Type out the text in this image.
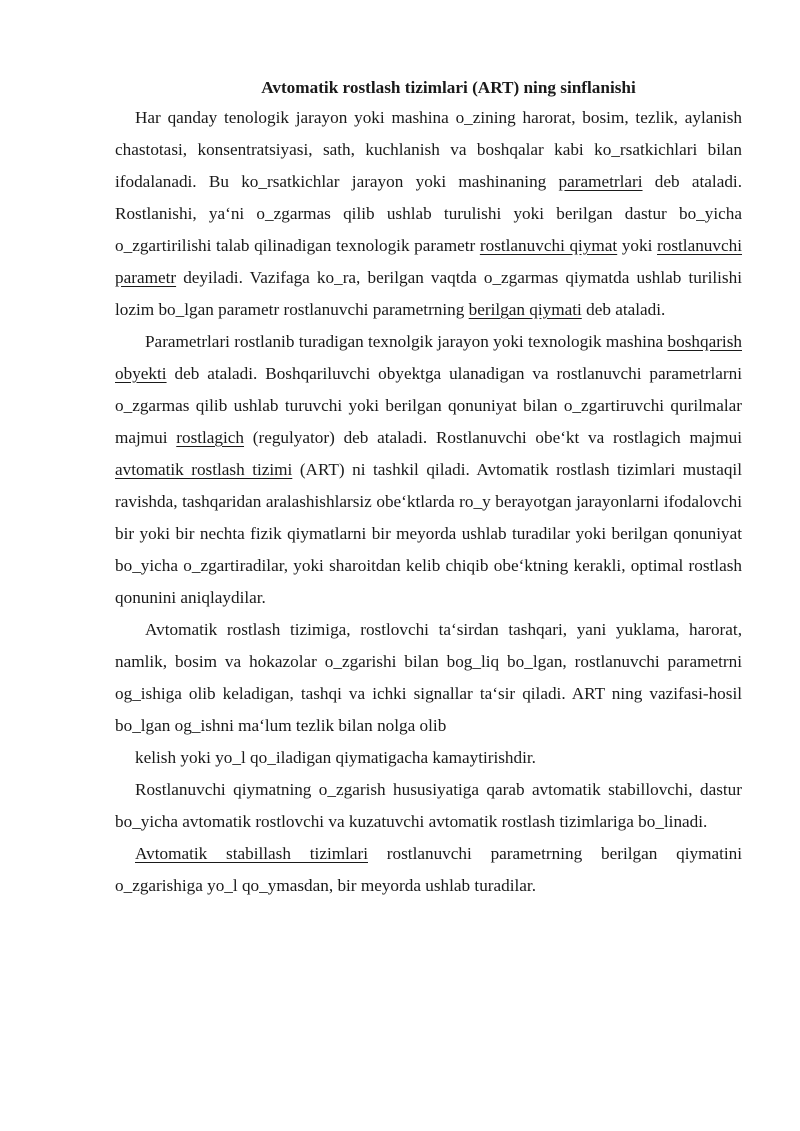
Avtomatik rostlash tizimlari (ART) ning sinflanishi

Har qanday tenologik jarayon yoki mashina o_zining harorat, bosim, tezlik, aylanish chastotasi, konsentratsiyasi, sath, kuchlanish va boshqalar kabi ko_rsatkichlari bilan ifodalanadi. Bu ko_rsatkichlar jarayon yoki mashinaning parametrlari deb ataladi. Rostlanishi, ya‘ni o_zgarmas qilib ushlab turulishi yoki berilgan dastur bo_yicha o_zgartirilishi talab qilinadigan texnologik parametr rostlanuvchi qiymat yoki rostlanuvchi parametr deyiladi. Vazifaga ko_ra, berilgan vaqtda o_zgarmas qiymatda ushlab turilishi lozim bo_lgan parametr rostlanuvchi parametrning berilgan qiymati deb ataladi.

Parametrlari rostlanib turadigan texnolgik jarayon yoki texnologik mashina boshqarish obyekti deb ataladi. Boshqariluvchi obyektga ulanadigan va rostlanuvchi parametrlarni o_zgarmas qilib ushlab turuvchi yoki berilgan qonuniyat bilan o_zgartiruvchi qurilmalar majmui rostlagich (regulyator) deb ataladi. Rostlanuvchi obe‘kt va rostlagich majmui avtomatik rostlash tizimi (ART) ni tashkil qiladi. Avtomatik rostlash tizimlari mustaqil ravishda, tashqaridan aralashishlarsiz obe‘ktlarda ro_y berayotgan jarayonlarni ifodalovchi bir yoki bir nechta fizik qiymatlarni bir meyorda ushlab turadilar yoki berilgan qonuniyat bo_yicha o_zgartiradilar, yoki sharoitdan kelib chiqib obe‘ktning kerakli, optimal rostlash qonunini aniqlaydilar.

Avtomatik rostlash tizimiga, rostlovchi ta‘sirdan tashqari, yani yuklama, harorat, namlik, bosim va hokazolar o_zgarishi bilan bog_liq bo_lgan, rostlanuvchi parametrni og_ishiga olib keladigan, tashqi va ichki signallar ta‘sir qiladi. ART ning vazifasi-hosil bo_lgan og_ishni ma‘lum tezlik bilan nolga olib

kelish yoki yo_l qo_iladigan qiymatigacha kamaytirishdir.

Rostlanuvchi qiymatning o_zgarish hususiyatiga qarab avtomatik stabillovchi, dastur bo_yicha avtomatik rostlovchi va kuzatuvchi avtomatik rostlash tizimlariga bo_linadi.

Avtomatik stabillash tizimlari rostlanuvchi parametrning berilgan qiymatini o_zgarishiga yo_l qo_ymasdan, bir meyorda ushlab turadilar.
